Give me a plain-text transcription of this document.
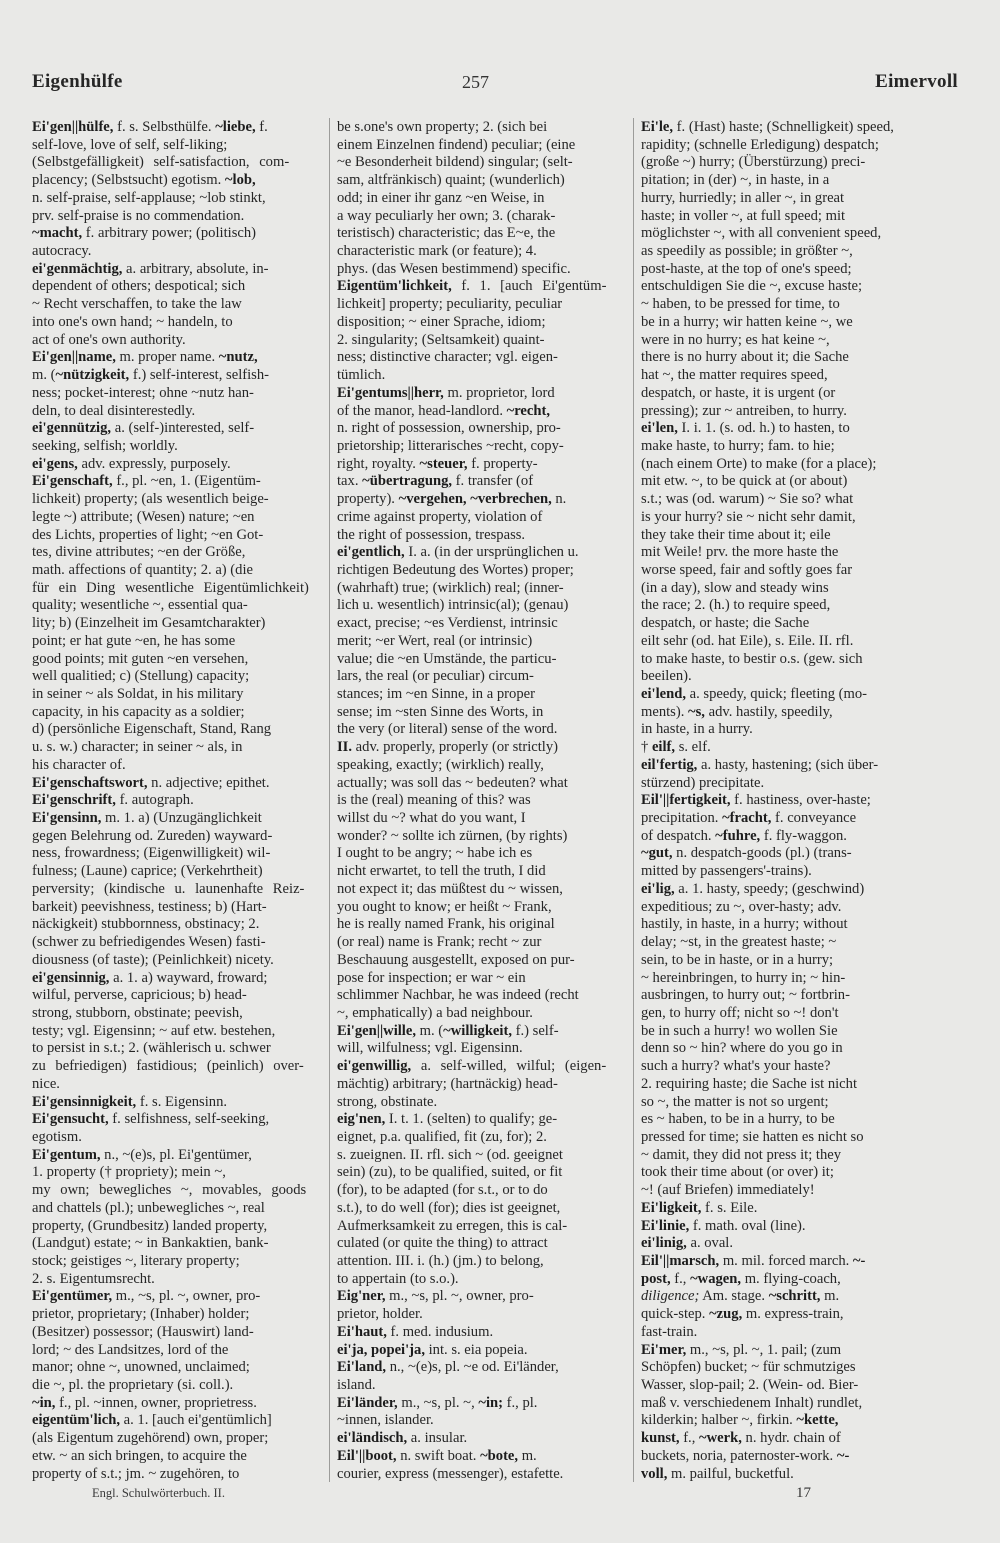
Eigenhülfe	257	Eimervoll
Ei'gen||hülfe, f. s. Selbsthülfe. ~liebe, f.
self-love, love of self, self-liking;
(Selbstgefälligkeit) self-satisfaction, com-
placency; (Selbstsucht) egotism. ~lob,
n. self-praise, self-applause; ~lob stinkt,
prv. self-praise is no commendation.
~macht, f. arbitrary power; (politisch)
autocracy.
ei'genmächtig, a. arbitrary, absolute, in-
dependent of others; despotical; sich
~ Recht verschaffen, to take the law
into one's own hand; ~ handeln, to
act of one's own authority.
Ei'gen||name, m. proper name. ~nutz,
m. (~nützigkeit, f.) self-interest, selfish-
ness; pocket-interest; ohne ~nutz han-
deln, to deal disinterestedly.
ei'gennützig, a. (self-)interested, self-
seeking, selfish; worldly.
ei'gens, adv. expressly, purposely.
Ei'genschaft, f., pl. ~en, 1. (Eigentüm-
lichkeit) property; (als wesentlich beige-
legte ~) attribute; (Wesen) nature; ~en
des Lichts, properties of light; ~en Got-
tes, divine attributes; ~en der Größe,
math. affections of quantity; 2. a) (die
für ein Ding wesentliche Eigentümlichkeit)
quality; wesentliche ~, essential qua-
lity; b) (Einzelheit im Gesamtcharakter)
point; er hat gute ~en, he has some
good points; mit guten ~en versehen,
well qualitied; c) (Stellung) capacity;
in seiner ~ als Soldat, in his military
capacity, in his capacity as a soldier;
d) (persönliche Eigenschaft, Stand, Rang
u. s. w.) character; in seiner ~ als, in
his character of.
Ei'genschaftswort, n. adjective; epithet.
Ei'genschrift, f. autograph.
Ei'gensinn, m. 1. a) (Unzugänglichkeit
gegen Belehrung od. Zureden) wayward-
ness, frowardness; (Eigenwilligkeit) wil-
fulness; (Laune) caprice; (Verkehrtheit)
perversity; (kindische u. launenhafte Reiz-
barkeit) peevishness, testiness; b) (Hart-
näckigkeit) stubbornness, obstinacy; 2.
(schwer zu befriedigendes Wesen) fasti-
diousness (of taste); (Peinlichkeit) nicety.
ei'gensinnig, a. 1. a) wayward, froward;
wilful, perverse, capricious; b) head-
strong, stubborn, obstinate; peevish,
testy; vgl. Eigensinn; ~ auf etw. bestehen,
to persist in s.t.; 2. (wählerisch u. schwer
zu befriedigen) fastidious; (peinlich) over-
nice.
Ei'gensinnigkeit, f. s. Eigensinn.
Ei'gensucht, f. selfishness, self-seeking,
egotism.
Ei'gentum, n., ~(e)s, pl. Ei'gentümer,
1. property († propriety); mein ~,
my own; bewegliches ~, movables, goods
and chattels (pl.); unbewegliches ~, real
property, (Grundbesitz) landed property,
(Landgut) estate; ~ in Bankaktien, bank-
stock; geistiges ~, literary property;
2. s. Eigentumsrecht.
Ei'gentümer, m., ~s, pl. ~, owner, pro-
prietor, proprietary; (Inhaber) holder;
(Besitzer) possessor; (Hauswirt) land-
lord; ~ des Landsitzes, lord of the
manor; ohne ~, unowned, unclaimed;
die ~, pl. the proprietary (si. coll.).
~in, f., pl. ~innen, owner, proprietress.
eigentüm'lich, a. 1. [auch ei'gentümlich]
(als Eigentum zugehörend) own, proper;
etw. ~ an sich bringen, to acquire the
property of s.t.; jm. ~ zugehören, to
be s.one's own property; 2. (sich bei
einem Einzelnen findend) peculiar; (eine
~e Besonderheit bildend) singular; (selt-
sam, altfränkisch) quaint; (wunderlich)
odd; in einer ihr ganz ~en Weise, in
a way peculiarly her own; 3. (charak-
teristisch) characteristic; das E~e, the
characteristic mark (or feature); 4.
phys. (das Wesen bestimmend) specific.
Eigentüm'lichkeit, f. 1. [auch Ei'gentüm-
lichkeit] property; peculiarity, peculiar
disposition; ~ einer Sprache, idiom;
2. singularity; (Seltsamkeit) quaint-
ness; distinctive character; vgl. eigen-
tümlich.
Ei'gentums||herr, m. proprietor, lord
of the manor, head-landlord. ~recht,
n. right of possession, ownership, pro-
prietorship; litterarisches ~recht, copy-
right, royalty. ~steuer, f. property-
tax. ~übertragung, f. transfer (of
property). ~vergehen, ~verbrechen, n.
crime against property, violation of
the right of possession, trespass.
ei'gentlich, I. a. (in der ursprünglichen u.
richtigen Bedeutung des Wortes) proper;
(wahrhaft) true; (wirklich) real; (inner-
lich u. wesentlich) intrinsic(al); (genau)
exact, precise; ~es Verdienst, intrinsic
merit; ~er Wert, real (or intrinsic)
value; die ~en Umstände, the particu-
lars, the real (or peculiar) circum-
stances; im ~en Sinne, in a proper
sense; im ~sten Sinne des Worts, in
the very (or literal) sense of the word.
II. adv. properly, properly (or strictly)
speaking, exactly; (wirklich) really,
actually; was soll das ~ bedeuten? what
is the (real) meaning of this? was
willst du ~? what do you want, I
wonder? ~ sollte ich zürnen, (by rights)
I ought to be angry; ~ habe ich es
nicht erwartet, to tell the truth, I did
not expect it; das müßtest du ~ wissen,
you ought to know; er heißt ~ Frank,
he is really named Frank, his original
(or real) name is Frank; recht ~ zur
Beschauung ausgestellt, exposed on pur-
pose for inspection; er war ~ ein
schlimmer Nachbar, he was indeed (recht
~, emphatically) a bad neighbour.
Ei'gen||wille, m. (~willigkeit, f.) self-
will, wilfulness; vgl. Eigensinn.
ei'genwillig, a. self-willed, wilful; (eigen-
mächtig) arbitrary; (hartnäckig) head-
strong, obstinate.
eig'nen, I. t. 1. (selten) to qualify; ge-
eignet, p.a. qualified, fit (zu, for); 2.
s. zueignen. II. rfl. sich ~ (od. geeignet
sein) (zu), to be qualified, suited, or fit
(for), to be adapted (for s.t., or to do
s.t.), to do well (for); dies ist geeignet,
Aufmerksamkeit zu erregen, this is cal-
culated (or quite the thing) to attract
attention. III. i. (h.) (jm.) to belong,
to appertain (to s.o.).
Eig'ner, m., ~s, pl. ~, owner, pro-
prietor, holder.
Ei'haut, f. med. indusium.
ei'ja, popei'ja, int. s. eia popeia.
Ei'land, n., ~(e)s, pl. ~e od. Ei'länder,
island.
Ei'länder, m., ~s, pl. ~, ~in; f., pl.
~innen, islander.
ei'ländisch, a. insular.
Eil'||boot, n. swift boat. ~bote, m.
courier, express (messenger), estafette.
Ei'le, f. (Hast) haste; (Schnelligkeit) speed,
rapidity; (schnelle Erledigung) despatch;
(große ~) hurry; (Überstürzung) preci-
pitation; in (der) ~, in haste, in a
hurry, hurriedly; in aller ~, in great
haste; in voller ~, at full speed; mit
möglichster ~, with all convenient speed,
as speedily as possible; in größter ~,
post-haste, at the top of one's speed;
entschuldigen Sie die ~, excuse haste;
~ haben, to be pressed for time, to
be in a hurry; wir hatten keine ~, we
were in no hurry; es hat keine ~,
there is no hurry about it; die Sache
hat ~, the matter requires speed,
despatch, or haste, it is urgent (or
pressing); zur ~ antreiben, to hurry.
ei'len, I. i. 1. (s. od. h.) to hasten, to
make haste, to hurry; fam. to hie;
(nach einem Orte) to make (for a place);
mit etw. ~, to be quick at (or about)
s.t.; was (od. warum) ~ Sie so? what
is your hurry? sie ~ nicht sehr damit,
they take their time about it; eile
mit Weile! prv. the more haste the
worse speed, fair and softly goes far
(in a day), slow and steady wins
the race; 2. (h.) to require speed,
despatch, or haste; die Sache
eilt sehr (od. hat Eile), s. Eile. II. rfl.
to make haste, to bestir o.s. (gew. sich
beeilen).
ei'lend, a. speedy, quick; fleeting (mo-
ments). ~s, adv. hastily, speedily,
in haste, in a hurry.
† eilf, s. elf.
eil'fertig, a. hasty, hastening; (sich über-
stürzend) precipitate.
Eil'||fertigkeit, f. hastiness, over-haste;
precipitation. ~fracht, f. conveyance
of despatch. ~fuhre, f. fly-waggon.
~gut, n. despatch-goods (pl.) (trans-
mitted by passengers'-trains).
ei'lig, a. 1. hasty, speedy; (geschwind)
expeditious; zu ~, over-hasty; adv.
hastily, in haste, in a hurry; without
delay; ~st, in the greatest haste; ~
sein, to be in haste, or in a hurry;
~ hereinbringen, to hurry in; ~ hin-
ausbringen, to hurry out; ~ fortbrin-
gen, to hurry off; nicht so ~! don't
be in such a hurry! wo wollen Sie
denn so ~ hin? where do you go in
such a hurry? what's your haste?
2. requiring haste; die Sache ist nicht
so ~, the matter is not so urgent;
es ~ haben, to be in a hurry, to be
pressed for time; sie hatten es nicht so
~ damit, they did not press it; they
took their time about (or over) it;
~! (auf Briefen) immediately!
Ei'ligkeit, f. s. Eile.
Ei'linie, f. math. oval (line).
ei'linig, a. oval.
Eil'||marsch, m. mil. forced march. ~-
post, f., ~wagen, m. flying-coach,
diligence; Am. stage. ~schritt, m.
quick-step. ~zug, m. express-train,
fast-train.
Ei'mer, m., ~s, pl. ~, 1. pail; (zum
Schöpfen) bucket; ~ für schmutziges
Wasser, slop-pail; 2. (Wein- od. Bier-
maß v. verschiedenem Inhalt) rundlet,
kilderkin; halber ~, firkin. ~kette,
kunst, f., ~werk, n. hydr. chain of
buckets, noria, paternoster-work. ~-
voll, m. pailful, bucketful.
Engl. Schulwörterbuch. II.	17
